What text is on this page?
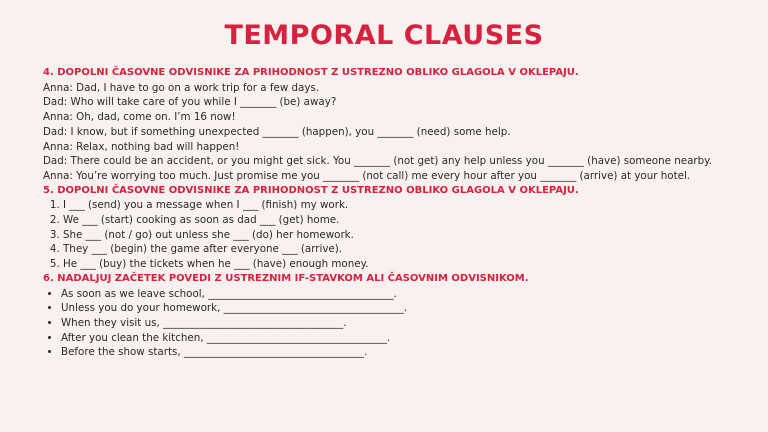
TEMPORAL CLAUSES
4. DOPOLNI ČASOVNE ODVISNIKE ZA PRIHODNOST Z USTREZNO OBLIKO GLAGOLA V OKLEPAJU.
Anna: Dad, I have to go on a work trip for a few days.
Dad: Who will take care of you while I _______ (be) away?
Anna: Oh, dad, come on. I’m 16 now!
Dad: I know, but if something unexpected _______ (happen), you _______ (need) some help.
Anna: Relax, nothing bad will happen!
Dad: There could be an accident, or you might get sick. You _______ (not get) any help unless you _______ (have) someone nearby.
Anna: You’re worrying too much. Just promise me you _______ (not call) me every hour after you _______ (arrive) at your hotel.
5. DOPOLNI ČASOVNE ODVISNIKE ZA PRIHODNOST Z USTREZNO OBLIKO GLAGOLA V OKLEPAJU.
1. I ___ (send) you a message when I ___ (finish) my work.
2. We ___ (start) cooking as soon as dad ___ (get) home.
3. She ___ (not / go) out unless she ___ (do) her homework.
4. They ___ (begin) the game after everyone ___ (arrive).
5. He ___ (buy) the tickets when he ___ (have) enough money.
6. NADALJUJ ZAČETEK POVEDI Z USTREZNIM IF-STAVKOM ALI ČASOVNIM ODVISNIKOM.
• As soon as we leave school, ____________________________________.
• Unless you do your homework, ___________________________________.
• When they visit us, ___________________________________.
• After you clean the kitchen, ___________________________________.
• Before the show starts, ___________________________________.
